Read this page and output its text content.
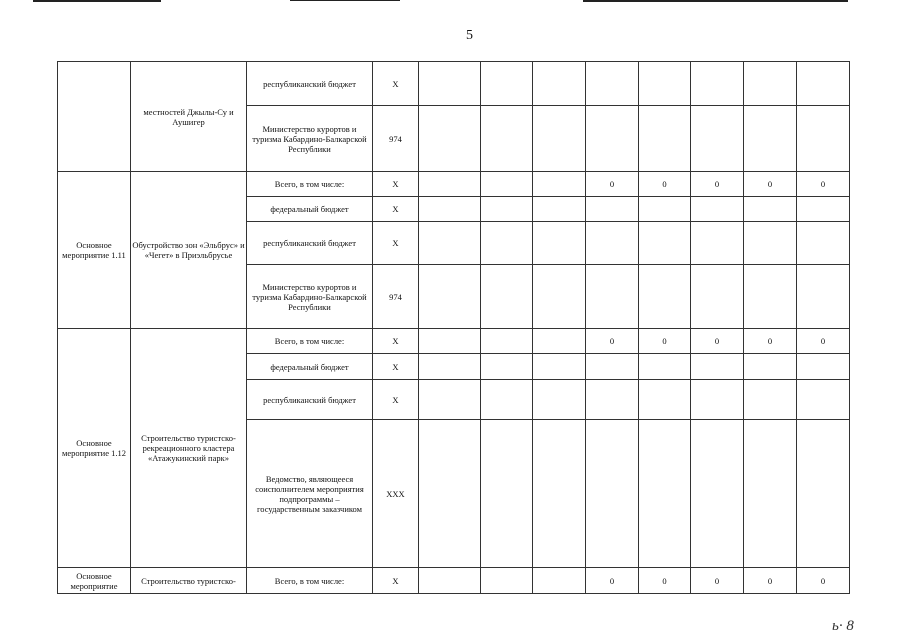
5
	местностей Джылы-Су и Аушигер	республиканский бюджет	X								
		Министерство курортов и туризма Кабардино-Балкарской Республики	974								
Основное мероприятие 1.11	Обустройство зон «Эльбрус» и «Чегет» в Приэльбрусье	Всего, в том числе:	X				0	0	0	0	0
		федеральный бюджет	X								
		республиканский бюджет	X								
		Министерство курортов и туризма Кабардино-Балкарской Республики	974								
Основное мероприятие 1.12	Строительство туристско-рекреационного кластера «Атажукинский парк»	Всего, в том числе:	X				0	0	0	0	0
		федеральный бюджет	X								
		республиканский бюджет	X								
		Ведомство, являющееся соисполнителем мероприятия подпрограммы – государственным заказчиком	XXX								
Основное мероприятие	Строительство туристско-	Всего, в том числе:	X				0	0	0	0	0
ь· 8
